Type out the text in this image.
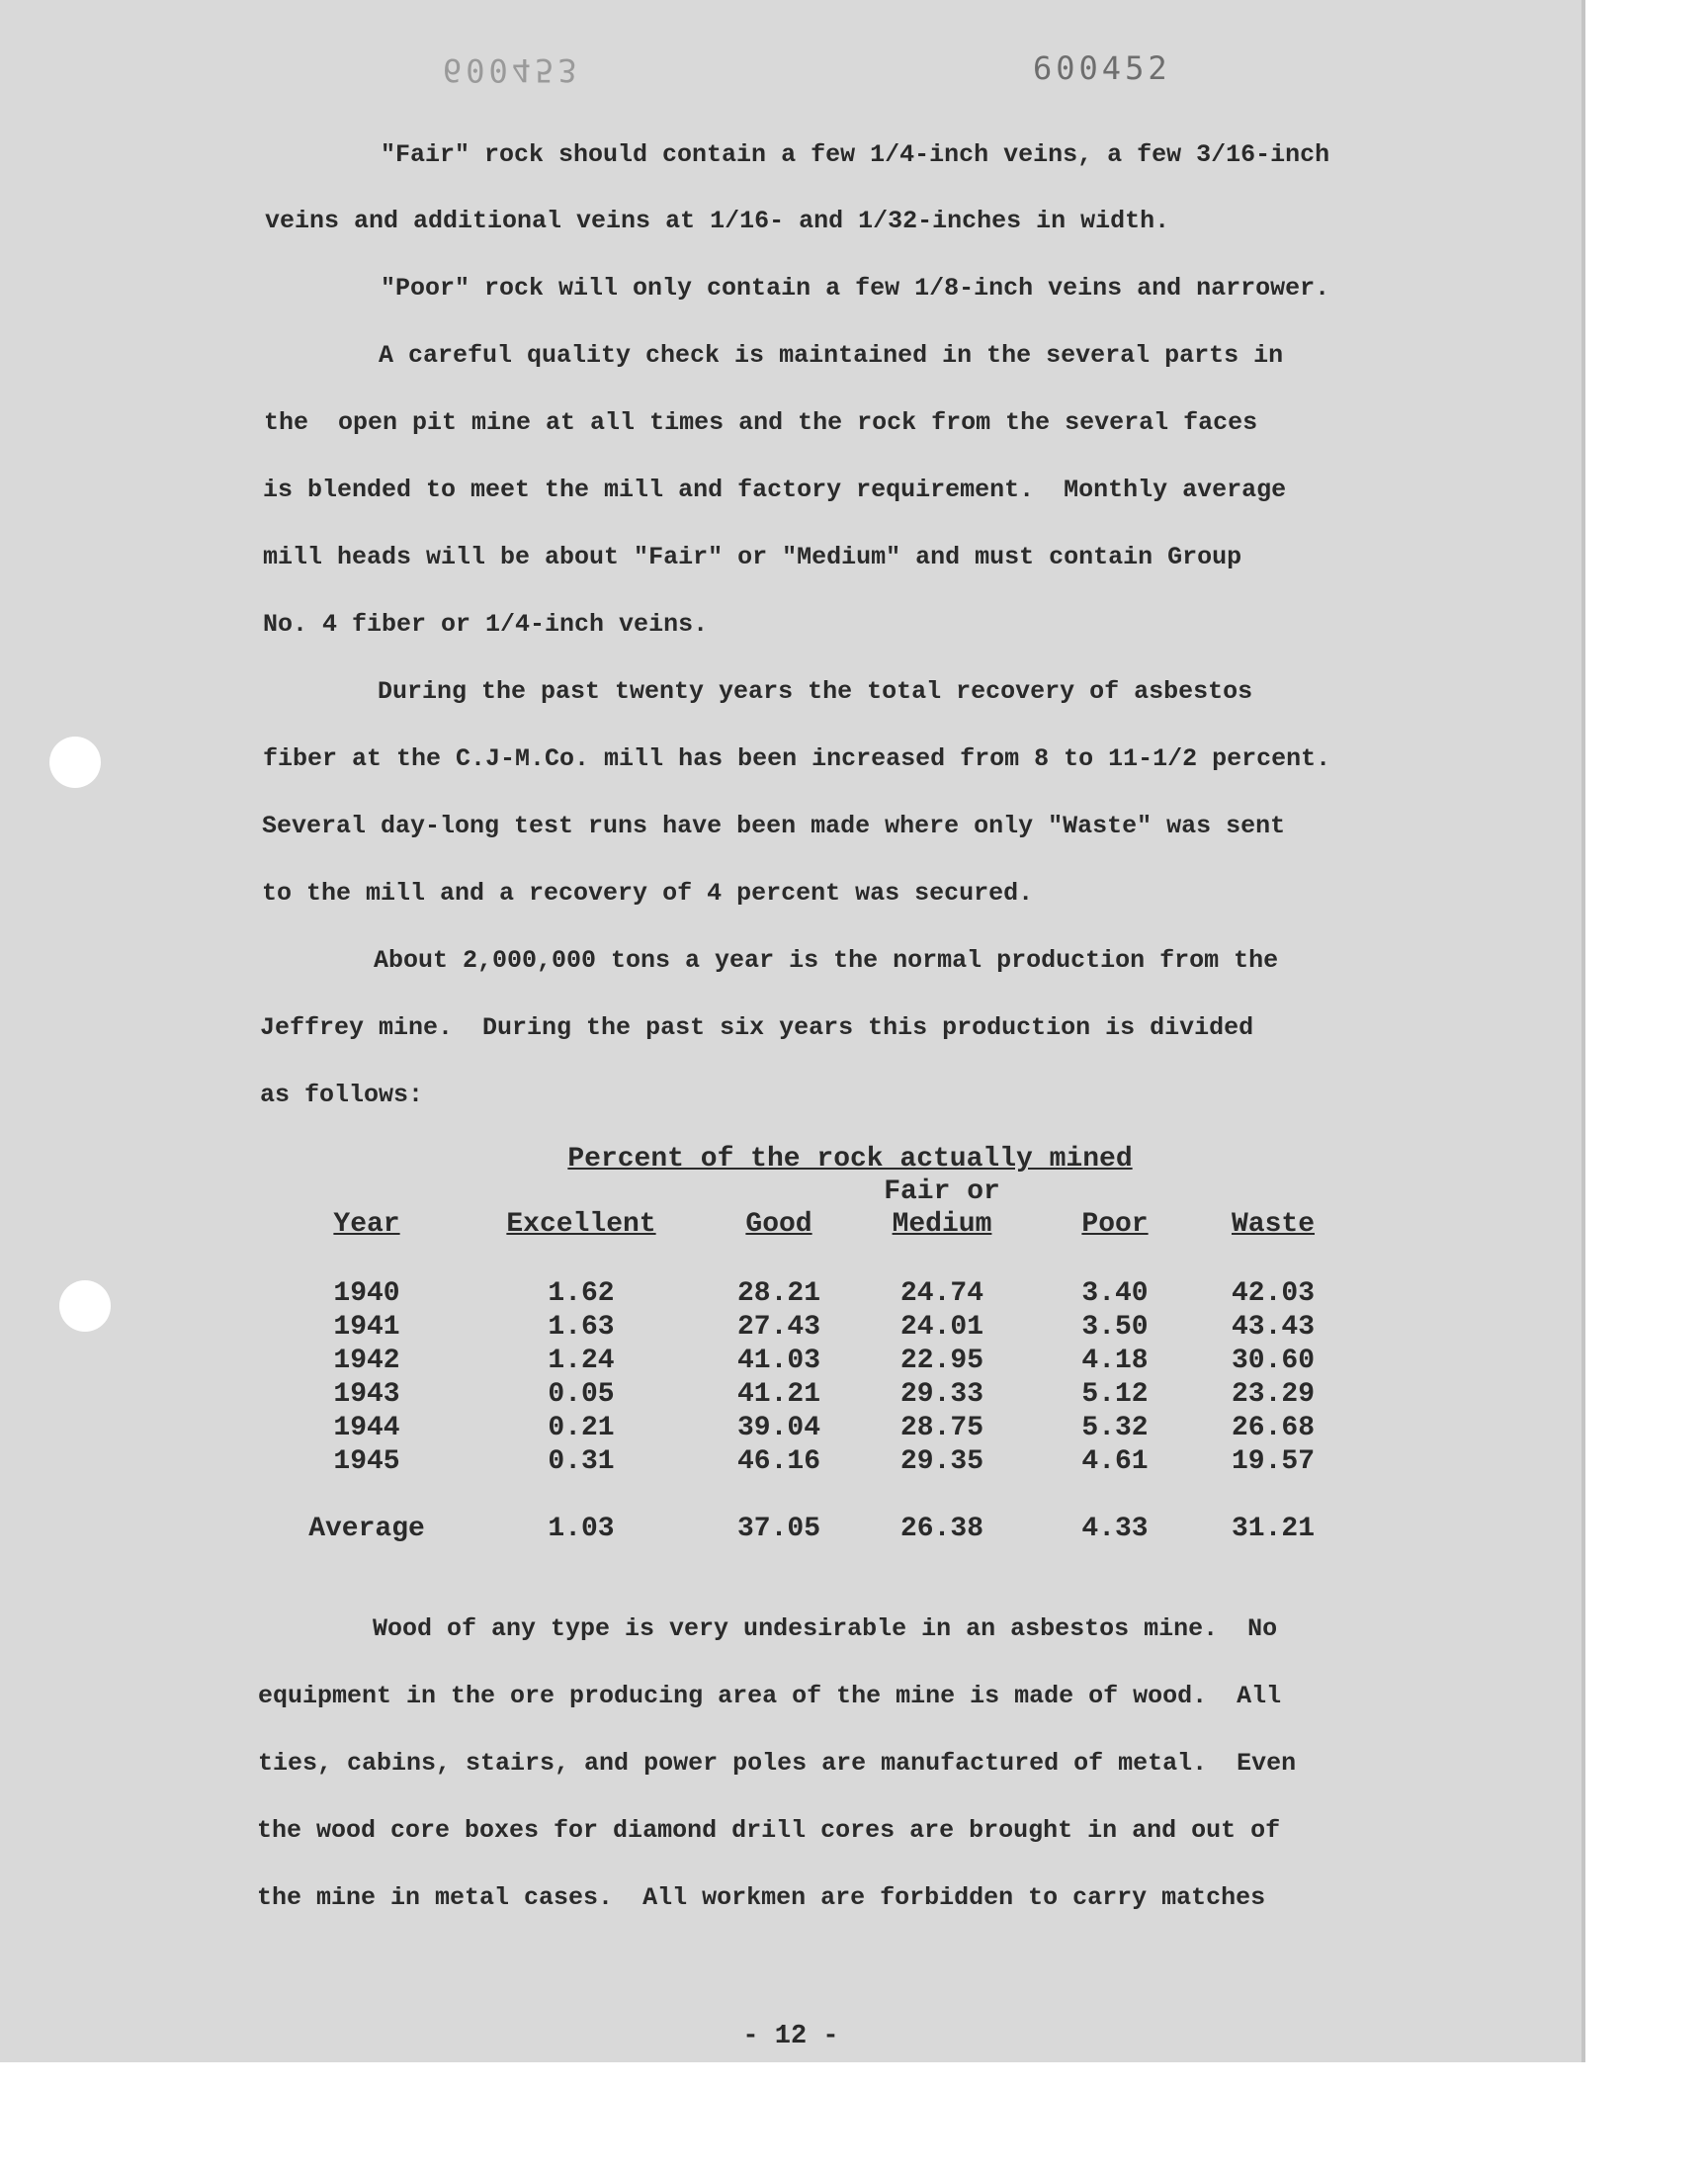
600453	600452
"Fair" rock should contain a few 1/4-inch veins, a few 3/16-inch
veins and additional veins at 1/16- and 1/32-inches in width.
"Poor" rock will only contain a few 1/8-inch veins and narrower.
A careful quality check is maintained in the several parts in
the  open pit mine at all times and the rock from the several faces
is blended to meet the mill and factory requirement.  Monthly average
mill heads will be about "Fair" or "Medium" and must contain Group
No. 4 fiber or 1/4-inch veins.
During the past twenty years the total recovery of asbestos
fiber at the C.J-M.Co. mill has been increased from 8 to 11-1/2 percent.
Several day-long test runs have been made where only "Waste" was sent
to the mill and a recovery of 4 percent was secured.
About 2,000,000 tons a year is the normal production from the
Jeffrey mine.  During the past six years this production is divided
as follows:
Percent of the rock actually mined
Fair or
Year	Excellent	Good	Medium	Poor	Waste
1940	1.62	28.21	24.74	3.40	42.03
1941	1.63	27.43	24.01	3.50	43.43
1942	1.24	41.03	22.95	4.18	30.60
1943	0.05	41.21	29.33	5.12	23.29
1944	0.21	39.04	28.75	5.32	26.68
1945	0.31	46.16	29.35	4.61	19.57
Average	1.03	37.05	26.38	4.33	31.21
Wood of any type is very undesirable in an asbestos mine.  No
equipment in the ore producing area of the mine is made of wood.  All
ties, cabins, stairs, and power poles are manufactured of metal.  Even
the wood core boxes for diamond drill cores are brought in and out of
the mine in metal cases.  All workmen are forbidden to carry matches
- 12 -
